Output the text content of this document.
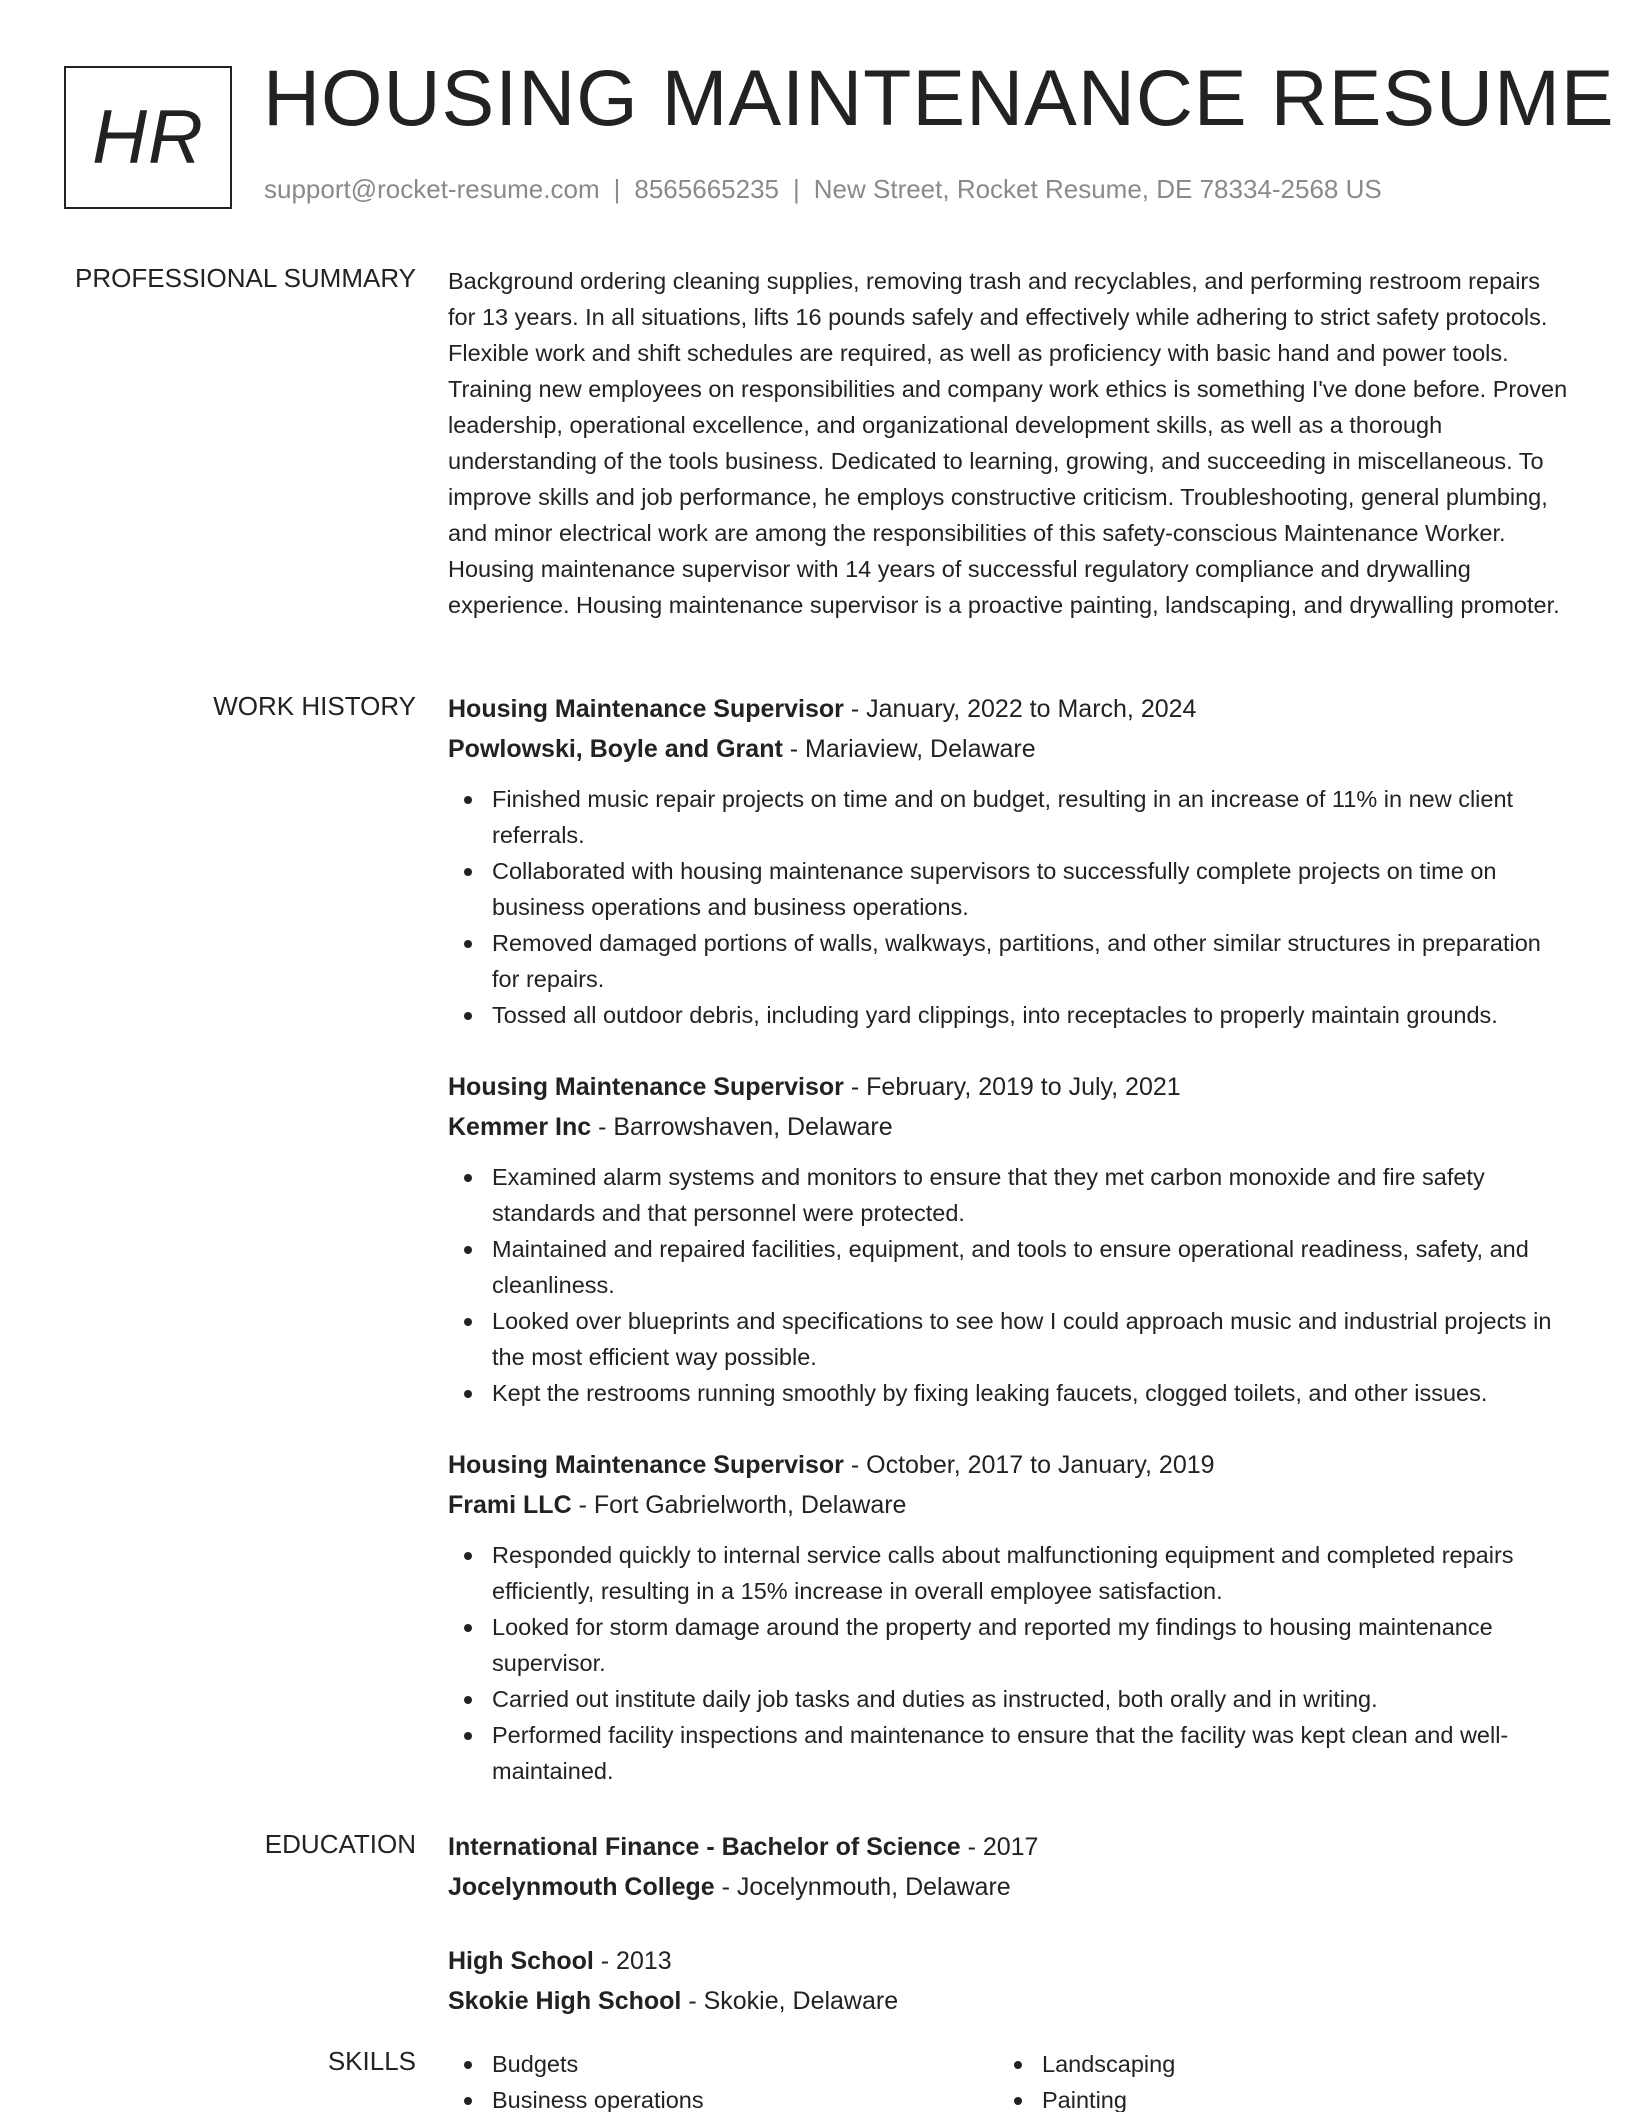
HR HOUSING MAINTENANCE RESUME
support@rocket-resume.com | 8565665235 | New Street, Rocket Resume, DE 78334-2568 US
PROFESSIONAL SUMMARY Background ordering cleaning supplies, removing trash and recyclables, and performing restroom repairs for 13 years. In all situations, lifts 16 pounds safely and effectively while adhering to strict safety protocols. Flexible work and shift schedules are required, as well as proficiency with basic hand and power tools. Training new employees on responsibilities and company work ethics is something I've done before. Proven leadership, operational excellence, and organizational development skills, as well as a thorough understanding of the tools business. Dedicated to learning, growing, and succeeding in miscellaneous. To improve skills and job performance, he employs constructive criticism. Troubleshooting, general plumbing, and minor electrical work are among the responsibilities of this safety-conscious Maintenance Worker. Housing maintenance supervisor with 14 years of successful regulatory compliance and drywalling experience. Housing maintenance supervisor is a proactive painting, landscaping, and drywalling promoter.

WORK HISTORY Housing Maintenance Supervisor - January, 2022 to March, 2024
Powlowski, Boyle and Grant - Mariaview, Delaware
Finished music repair projects on time and on budget, resulting in an increase of 11% in new client referrals.
Collaborated with housing maintenance supervisors to successfully complete projects on time on business operations and business operations.
Removed damaged portions of walls, walkways, partitions, and other similar structures in preparation for repairs.
Tossed all outdoor debris, including yard clippings, into receptacles to properly maintain grounds.
Housing Maintenance Supervisor - February, 2019 to July, 2021
Kemmer Inc - Barrowshaven, Delaware
Examined alarm systems and monitors to ensure that they met carbon monoxide and fire safety standards and that personnel were protected.
Maintained and repaired facilities, equipment, and tools to ensure operational readiness, safety, and cleanliness.
Looked over blueprints and specifications to see how I could approach music and industrial projects in the most efficient way possible.
Kept the restrooms running smoothly by fixing leaking faucets, clogged toilets, and other issues.
Housing Maintenance Supervisor - October, 2017 to January, 2019
Frami LLC - Fort Gabrielworth, Delaware
Responded quickly to internal service calls about malfunctioning equipment and completed repairs efficiently, resulting in a 15% increase in overall employee satisfaction.
Looked for storm damage around the property and reported my findings to housing maintenance supervisor.
Carried out institute daily job tasks and duties as instructed, both orally and in writing.
Performed facility inspections and maintenance to ensure that the facility was kept clean and well-maintained.
EDUCATION International Finance - Bachelor of Science - 2017
Jocelynmouth College - Jocelynmouth, Delaware
High School - 2013
Skokie High School - Skokie, Delaware
SKILLS	Budgets	Landscaping
Business operations	Painting
